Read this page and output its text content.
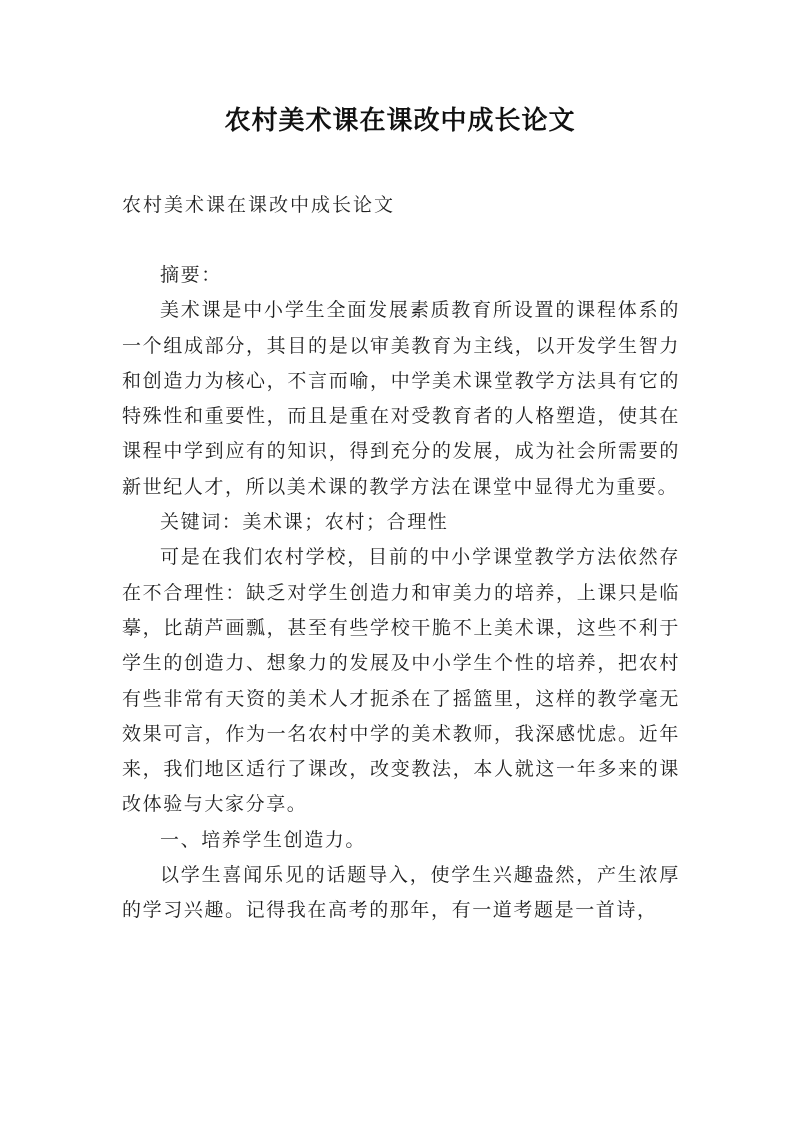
农村美术课在课改中成长论文
农村美术课在课改中成长论文

摘要：

美术课是中小学生全面发展素质教育所设置的课程体系的一个组成部分，其目的是以审美教育为主线，以开发学生智力和创造力为核心，不言而喻，中学美术课堂教学方法具有它的特殊性和重要性，而且是重在对受教育者的人格塑造，使其在课程中学到应有的知识，得到充分的发展，成为社会所需要的新世纪人才，所以美术课的教学方法在课堂中显得尤为重要。

关键词：美术课；农村；合理性

可是在我们农村学校，目前的中小学课堂教学方法依然存在不合理性：缺乏对学生创造力和审美力的培养，上课只是临摹，比葫芦画瓢，甚至有些学校干脆不上美术课，这些不利于学生的创造力、想象力的发展及中小学生个性的培养，把农村有些非常有天资的美术人才扼杀在了摇篮里，这样的教学毫无效果可言，作为一名农村中学的美术教师，我深感忧虑。近年来，我们地区适行了课改，改变教法，本人就这一年多来的课改体验与大家分享。

一、培养学生创造力。

以学生喜闻乐见的话题导入，使学生兴趣盎然，产生浓厚的学习兴趣。记得我在高考的那年，有一道考题是一首诗，
